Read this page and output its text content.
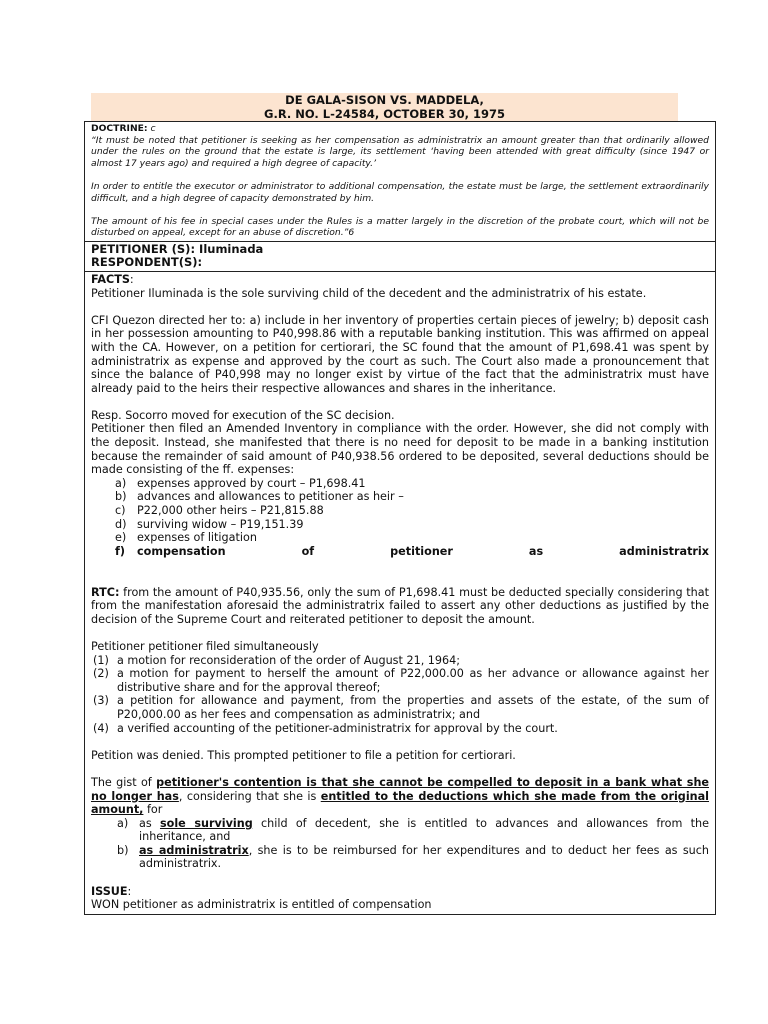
DE GALA-SISON VS. MADDELA,
G.R. NO. L-24584, OCTOBER 30, 1975
DOCTRINE: c

“It must be noted that petitioner is seeking as her compensation as administratrix an amount greater than that ordinarily allowed under the rules on the ground that the estate is large, its settlement ‘having been attended with great difficulty (since 1947 or almost 17 years ago) and required a high degree of capacity.’

In order to entitle the executor or administrator to additional compensation, the estate must be large, the settlement extraordinarily difficult, and a high degree of capacity demonstrated by him.

The amount of his fee in special cases under the Rules is a matter largely in the discretion of the probate court, which will not be disturbed on appeal, except for an abuse of discretion.”6

PETITIONER (S): Iluminada
RESPONDENT(S):
FACTS:

Petitioner Iluminada is the sole surviving child of the decedent and the administratrix of his estate.

CFI Quezon directed her to: a) include in her inventory of properties certain pieces of jewelry; b) deposit cash in her possession amounting to P40,998.86 with a reputable banking institution. This was affirmed on appeal with the CA. However, on a petition for certiorari, the SC found that the amount of P1,698.41 was spent by administratrix as expense and approved by the court as such. The Court also made a pronouncement that since the balance of P40,998 may no longer exist by virtue of the fact that the administratrix must have already paid to the heirs their respective allowances and shares in the inheritance.

Resp. Socorro moved for execution of the SC decision.

Petitioner then filed an Amended Inventory in compliance with the order. However, she did not comply with the deposit. Instead, she manifested that there is no need for deposit to be made in a banking institution because the remainder of said amount of P40,938.56 ordered to be deposited, several deductions should be made consisting of the ff. expenses:

a) expenses approved by court – P1,698.41
b) advances and allowances to petitioner as heir –
c) P22,000 other heirs – P21,815.88
d) surviving widow – P19,151.39
e) expenses of litigation
f) compensation	of	petitioner	as	administratrix

RTC: from the amount of P40,935.56, only the sum of P1,698.41 must be deducted specially considering that from the manifestation aforesaid the administratrix failed to assert any other deductions as justified by the decision of the Supreme Court and reiterated petitioner to deposit the amount.

Petitioner petitioner filed simultaneously

(1) a motion for reconsideration of the order of August 21, 1964;
(2) a motion for payment to herself the amount of P22,000.00 as her advance or allowance against her distributive share and for the approval thereof;
(3) a petition for allowance and payment, from the properties and assets of the estate, of the sum of P20,000.00 as her fees and compensation as administratrix; and
(4) a verified accounting of the petitioner-administratrix for approval by the court.

Petition was denied. This prompted petitioner to file a petition for certiorari.

The gist of petitioner's contention is that she cannot be compelled to deposit in a bank what she no longer has, considering that she is entitled to the deductions which she made from the original amount, for

a) as sole surviving child of decedent, she is entitled to advances and allowances from the inheritance, and
b) as administratrix, she is to be reimbursed for her expenditures and to deduct her fees as such administratrix.
ISSUE:

WON petitioner as administratrix is entitled of compensation
